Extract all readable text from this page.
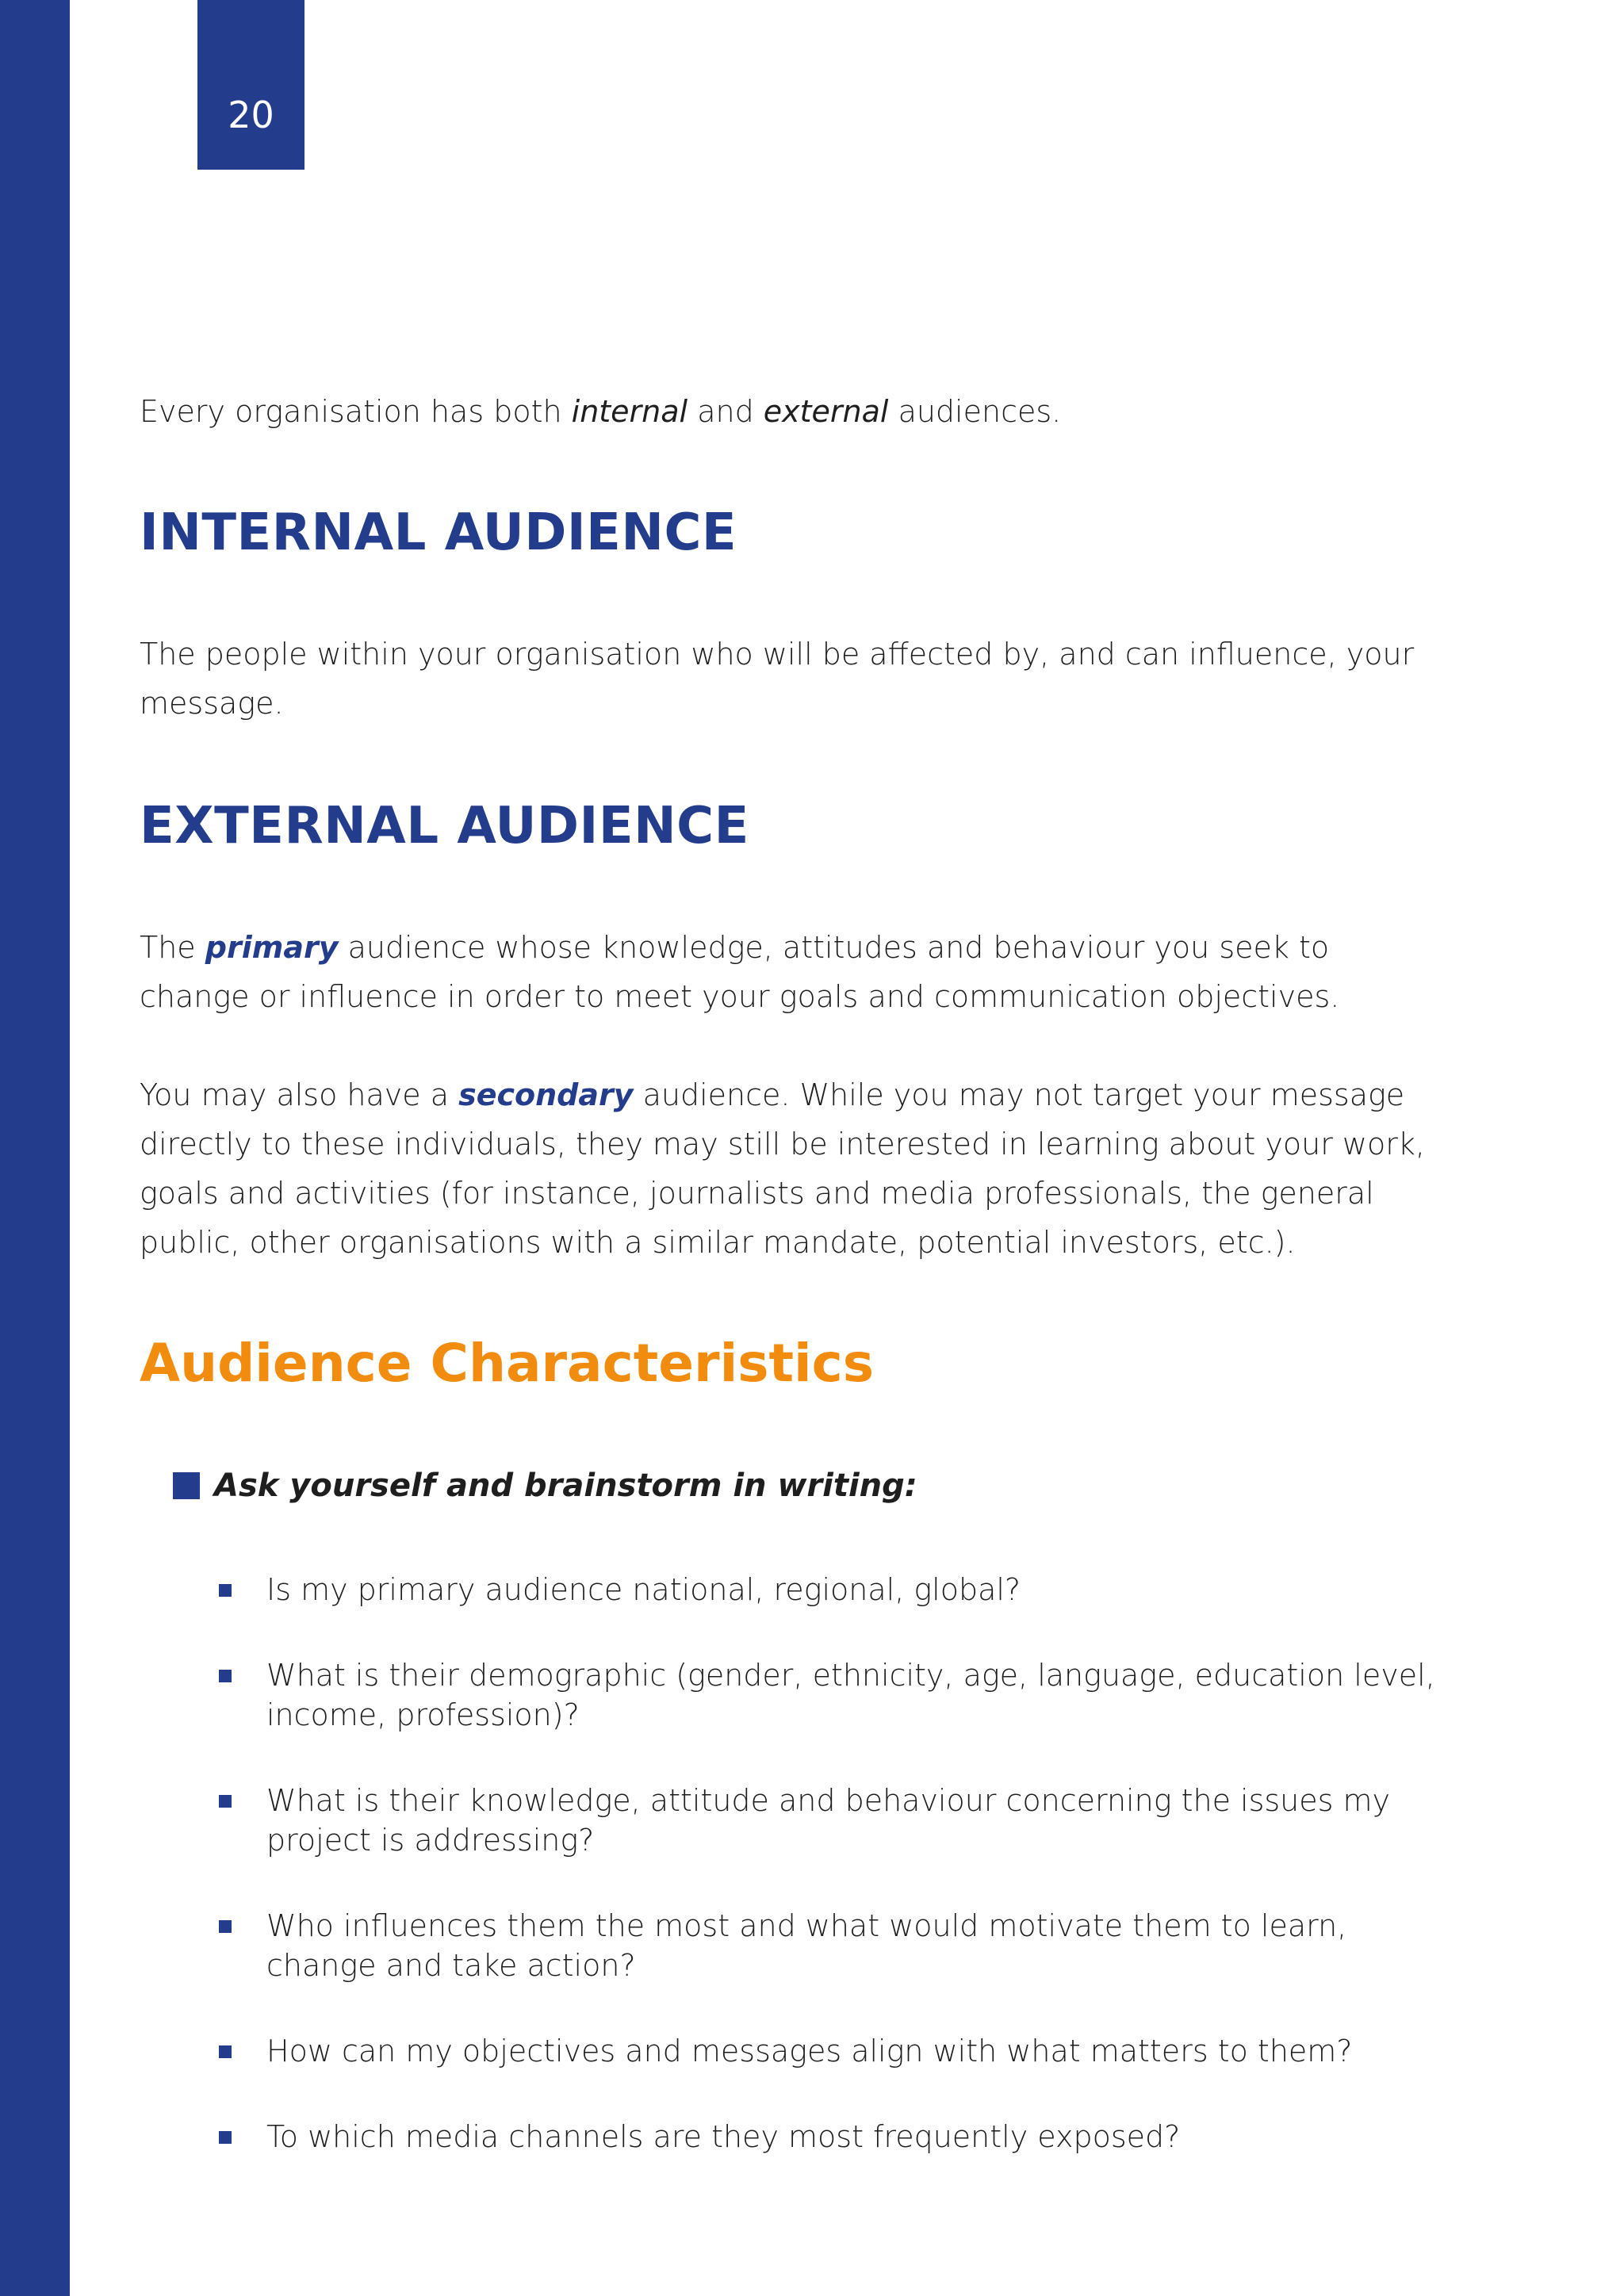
20

Every organisation has both internal and external audiences.

INTERNAL AUDIENCE

The people within your organisation who will be affected by, and can influence, your

message.

EXTERNAL AUDIENCE

The primary audience whose knowledge, attitudes and behaviour you seek to

change or influence in order to meet your goals and communication objectives.

You may also have a secondary audience. While you may not target your message

directly to these individuals, they may still be interested in learning about your work,

goals and activities (for instance, journalists and media professionals, the general

public, other organisations with a similar mandate, potential investors, etc.).

Audience Characteristics
Ask yourself and brainstorm in writing:
Is my primary audience national, regional, global?
What is their demographic (gender, ethnicity, age, language, education level,
income, profession)?
What is their knowledge, attitude and behaviour concerning the issues my
project is addressing?
Who influences them the most and what would motivate them to learn,
change and take action?
How can my objectives and messages align with what matters to them?
To which media channels are they most frequently exposed?
